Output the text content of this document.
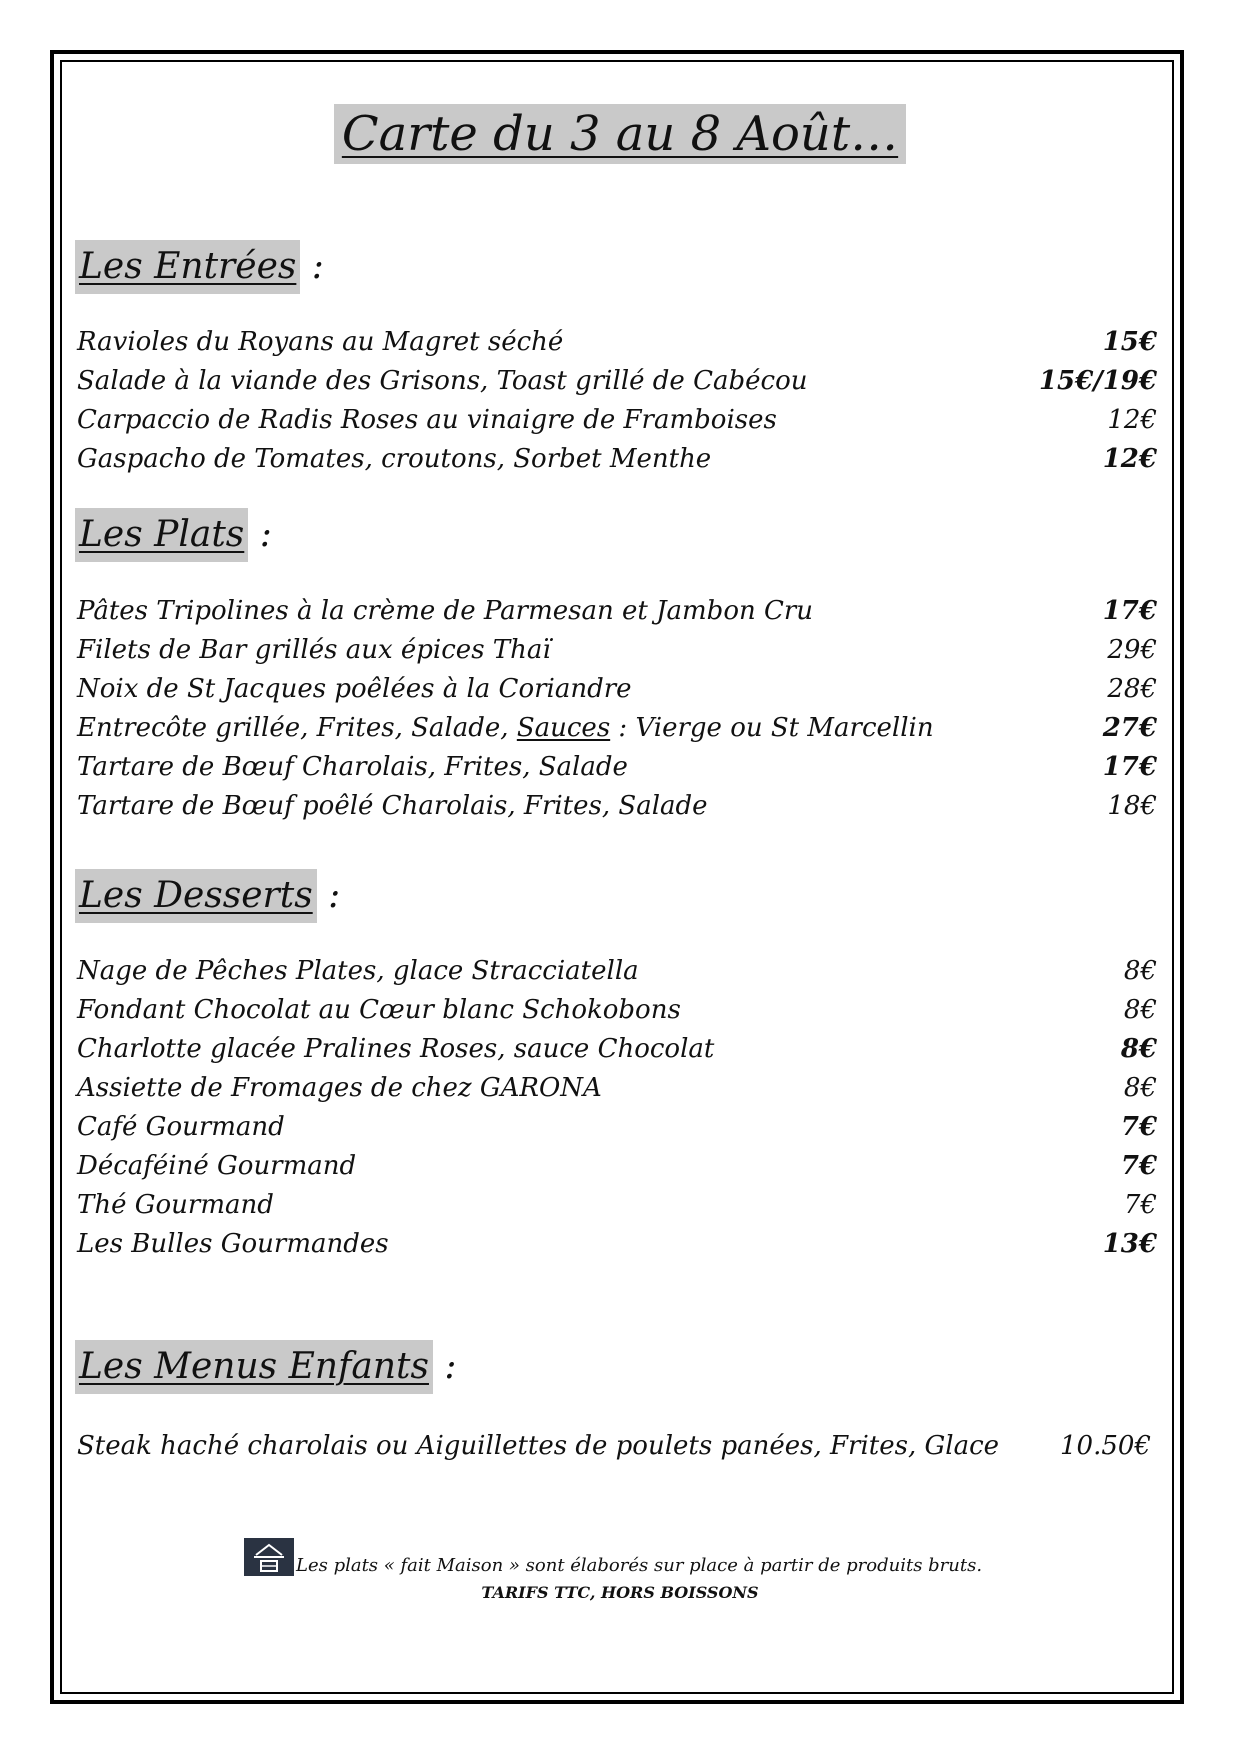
Carte du 3 au 8 Août…
Les Entrées :
Ravioles du Royans au Magret séché	15€
Salade à la viande des Grisons, Toast grillé de Cabécou	15€/19€
Carpaccio de Radis Roses au vinaigre de Framboises	12€
Gaspacho de Tomates, croutons, Sorbet Menthe	12€
Les Plats :
Pâtes Tripolines à la crème de Parmesan et Jambon Cru	17€
Filets de Bar grillés aux épices Thaï	29€
Noix de St Jacques poêlées à la Coriandre	28€
Entrecôte grillée, Frites, Salade, Sauces : Vierge ou St Marcellin	27€
Tartare de Bœuf Charolais, Frites, Salade	17€
Tartare de Bœuf poêlé Charolais, Frites, Salade	18€
Les Desserts :
Nage de Pêches Plates, glace Stracciatella	8€
Fondant Chocolat au Cœur blanc Schokobons	8€
Charlotte glacée Pralines Roses, sauce Chocolat	8€
Assiette de Fromages de chez GARONA	8€
Café Gourmand	7€
Décaféiné Gourmand	7€
Thé Gourmand	7€
Les Bulles Gourmandes	13€
Les Menus Enfants :
Steak haché charolais ou Aiguillettes de poulets panées, Frites, Glace 10.50€
Les plats « fait Maison » sont élaborés sur place à partir de produits bruts.
TARIFS TTC, HORS BOISSONS
